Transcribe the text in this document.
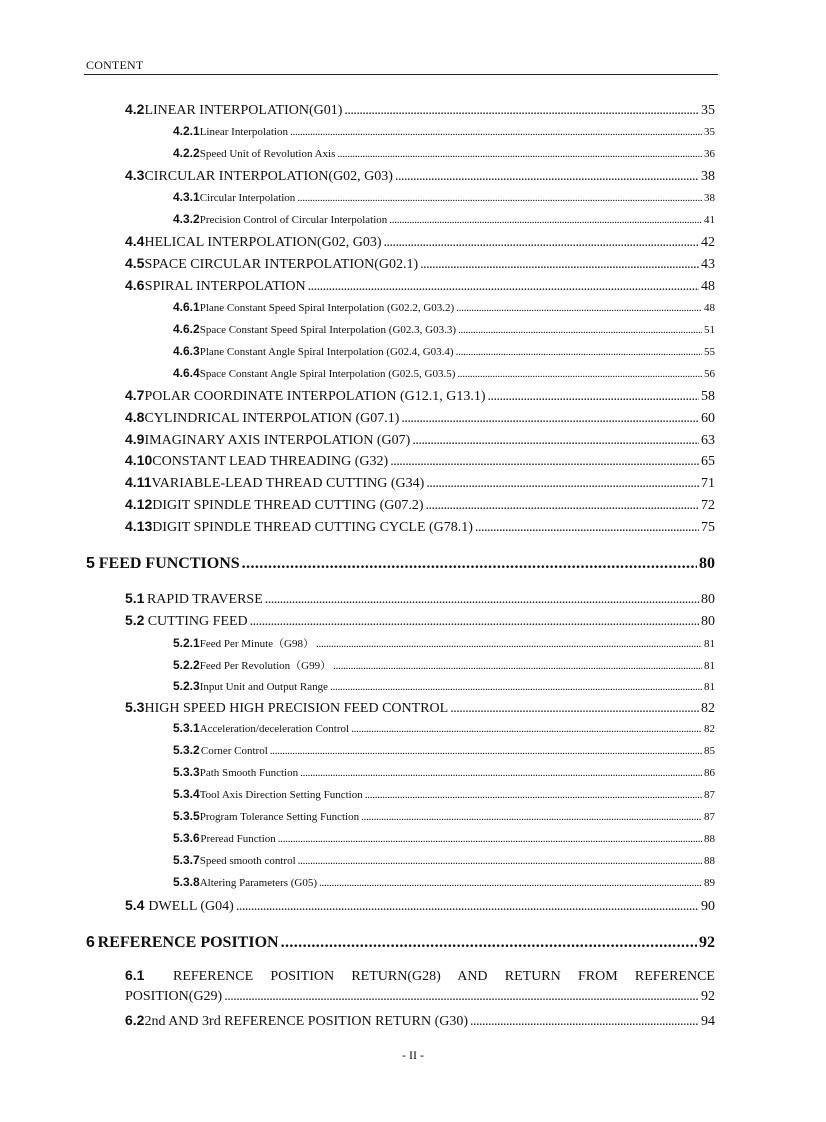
CONTENT
6.1	REFERENCE POSITION RETURN(G28) AND RETURN FROM REFERENCE
POSITION(G29) . . .	92
4.2 LINEAR INTERPOLATION(G01) . . .	35
4.2.1 Linear Interpolation . . .	35
4.2.2 Speed Unit of Revolution Axis . . .	36
4.3 CIRCULAR INTERPOLATION(G02, G03) . . .	38
4.3.1 Circular Interpolation . . .	38
4.3.2 Precision Control of Circular Interpolation . . .	41
4.4 HELICAL INTERPOLATION(G02, G03) . . .	42
4.5 SPACE CIRCULAR INTERPOLATION(G02.1) . . .	43
4.6 SPIRAL INTERPOLATION . . .	48
4.6.1 Plane Constant Speed Spiral Interpolation (G02.2, G03.2) . . .	48
4.6.2 Space Constant Speed Spiral Interpolation (G02.3, G03.3) . . .	51
4.6.3 Plane Constant Angle Spiral Interpolation (G02.4, G03.4) . . .	55
4.6.4 Space Constant Angle Spiral Interpolation (G02.5, G03.5) . . .	56
4.7 POLAR COORDINATE INTERPOLATION (G12.1, G13.1) . . .	58
4.8 CYLINDRICAL INTERPOLATION (G07.1) . . .	60
4.9 IMAGINARY AXIS INTERPOLATION (G07) . . .	63
4.10 CONSTANT LEAD THREADING (G32) . . .	65
4.11 VARIABLE-LEAD THREAD CUTTING (G34) . . .	71
4.12 DIGIT SPINDLE THREAD CUTTING (G07.2) . . .	72
4.13 DIGIT SPINDLE THREAD CUTTING CYCLE (G78.1) . . .	75
5 FEED FUNCTIONS . . .	80
5.1 RAPID TRAVERSE . . .	80
5.2 CUTTING FEED . . .	80
5.2.1 Feed Per Minute（G98） . . .	81
5.2.2 Feed Per Revolution（G99） . . .	81
5.2.3 Input Unit and Output Range . . .	81
5.3 HIGH SPEED HIGH PRECISION FEED CONTROL . . .	82
5.3.1 Acceleration/deceleration Control . . .	82
5.3.2 Corner Control . . .	85
5.3.3 Path Smooth Function . . .	86
5.3.4 Tool Axis Direction Setting Function . . .	87
5.3.5 Program Tolerance Setting Function . . .	87
5.3.6 Preread Function . . .	88
5.3.7 Speed smooth control . . .	88
5.3.8 Altering Parameters (G05) . . .	89
5.4 DWELL (G04) . . .	90
6 REFERENCE POSITION . . .	92
6.2 2nd AND 3rd REFERENCE POSITION RETURN (G30) . . .	94
- II -
